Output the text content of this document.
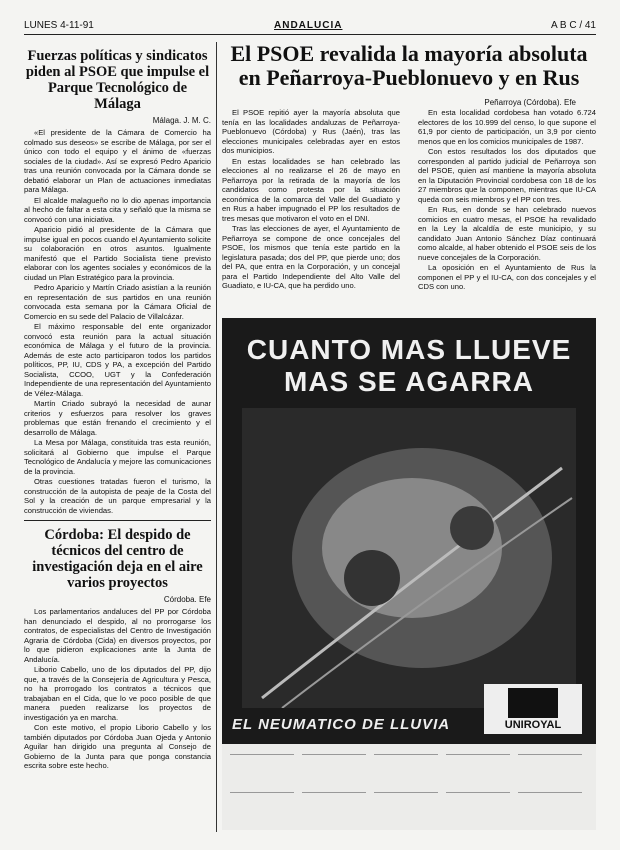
LUNES 4-11-91	ANDALUCIA	A B C / 41
Fuerzas políticas y sindicatos piden al PSOE que impulse el Parque Tecnológico de Málaga
Málaga. J. M. C.

«El presidente de la Cámara de Comercio ha colmado sus deseos» se escribe de Málaga, por ser el único con todo el equipo y el ánimo de «fuerzas sociales de la ciudad». Así se expresó Pedro Aparicio tras una reunión convocada por la Cámara donde se debatió elaborar un Plan de actuaciones inmediatas para Málaga.

El alcalde malagueño no lo dio apenas importancia al hecho de faltar a esta cita y señaló que la misma se convocó con una iniciativa.

Aparicio pidió al presidente de la Cámara que impulse igual en pocos cuando el Ayuntamiento solicite su colaboración en otros asuntos. Igualmente manifestó que el Partido Socialista tiene previsto elaborar con los agentes sociales y económicos de la ciudad un Plan Estratégico para la provincia.

Pedro Aparicio y Martín Criado asistían a la reunión en representación de sus partidos en una reunión convocada esta semana por la Cámara Oficial de Comercio en su sede del Palacio de Villalcázar.

El máximo responsable del ente organizador convocó esta reunión para la actual situación económica de Málaga y el futuro de la provincia. Además de este acto participaron todos los partidos políticos, PP, IU, CDS y PA, a excepción del Partido Socialista, CCOO, UGT y la Confederación Independiente de una representación del Ayuntamiento de Vélez-Málaga.

Martín Criado subrayó la necesidad de aunar criterios y esfuerzos para resolver los graves problemas que están frenando el crecimiento y el desarrollo de Málaga.

La Mesa por Málaga, constituida tras esta reunión, solicitará al Gobierno que impulse el Parque Tecnológico de Andalucía y mejore las comunicaciones de la provincia.

Otras cuestiones tratadas fueron el turismo, la construcción de la autopista de peaje de la Costa del Sol y la creación de un parque empresarial y la construcción de viviendas.

Córdoba: El despido de técnicos del centro de investigación deja en el aire varios proyectos
Córdoba. Efe

Los parlamentarios andaluces del PP por Córdoba han denunciado el despido, al no prorrogarse los contratos, de especialistas del Centro de Investigación Agraria de Córdoba (Cida) en diversos proyectos, por lo que pidieron explicaciones ante la Junta de Andalucía.

Liborio Cabello, uno de los diputados del PP, dijo que, a través de la Consejería de Agricultura y Pesca, no ha prorrogado los contratos a técnicos que trabajaban en el Cida, que lo ve poco posible de que manera pueden realizarse los proyectos de investigación ya en marcha.

Con este motivo, el propio Liborio Cabello y los también diputados por Córdoba Juan Ojeda y Antonio Aguilar han dirigido una pregunta al Consejo de Gobierno de la Junta para que ponga constancia escrita sobre este hecho.

El PSOE revalida la mayoría absoluta en Peñarroya-Pueblonuevo y en Rus
Peñarroya (Córdoba). Efe

El PSOE repitió ayer la mayoría absoluta que tenía en las localidades andaluzas de Peñarroya-Pueblonuevo (Córdoba) y Rus (Jaén), tras las elecciones municipales celebradas ayer en estos dos municipios.

En estas localidades se han celebrado las elecciones al no realizarse el 26 de mayo en Peñarroya por la retirada de la mayoría de los candidatos como protesta por la situación económica de la comarca del Valle del Guadiato y en Rus a haber impugnado el PP los resultados de tres mesas que motivaron el voto en el DNI.

Tras las elecciones de ayer, el Ayuntamiento de Peñarroya se compone de once concejales del PSOE, los mismos que tenía este partido en la legislatura pasada; dos del PP, que pierde uno; dos del PA, que entra en la Corporación, y un concejal para el Partido Independiente del Alto Valle del Guadiato, e IU-CA, que ha perdido uno.

En esta localidad cordobesa han votado 6.724 electores de los 10.999 del censo, lo que supone el 61,9 por ciento de participación, un 3,9 por ciento menos que en los comicios municipales de 1987.

Con estos resultados los dos diputados que corresponden al partido judicial de Peñarroya son del PSOE, quien así mantiene la mayoría absoluta en la Diputación Provincial cordobesa con 18 de los 27 miembros que la componen, mientras que IU-CA queda con seis miembros y el PP con tres.

En Rus, en donde se han celebrado nuevos comicios en cuatro mesas, el PSOE ha revalidado en la Ley la alcaldía de este municipio, y su candidato Juan Antonio Sánchez Díaz continuará como alcalde, al haber obtenido el PSOE seis de los nueve concejales de la Corporación.

La oposición en el Ayuntamiento de Rus la componen el PP y el IU-CA, con dos concejales y el CDS con uno.

CUANTO MAS LLUEVE
MAS SE AGARRA
EL NEUMATICO DE LLUVIA	UNIROYAL
